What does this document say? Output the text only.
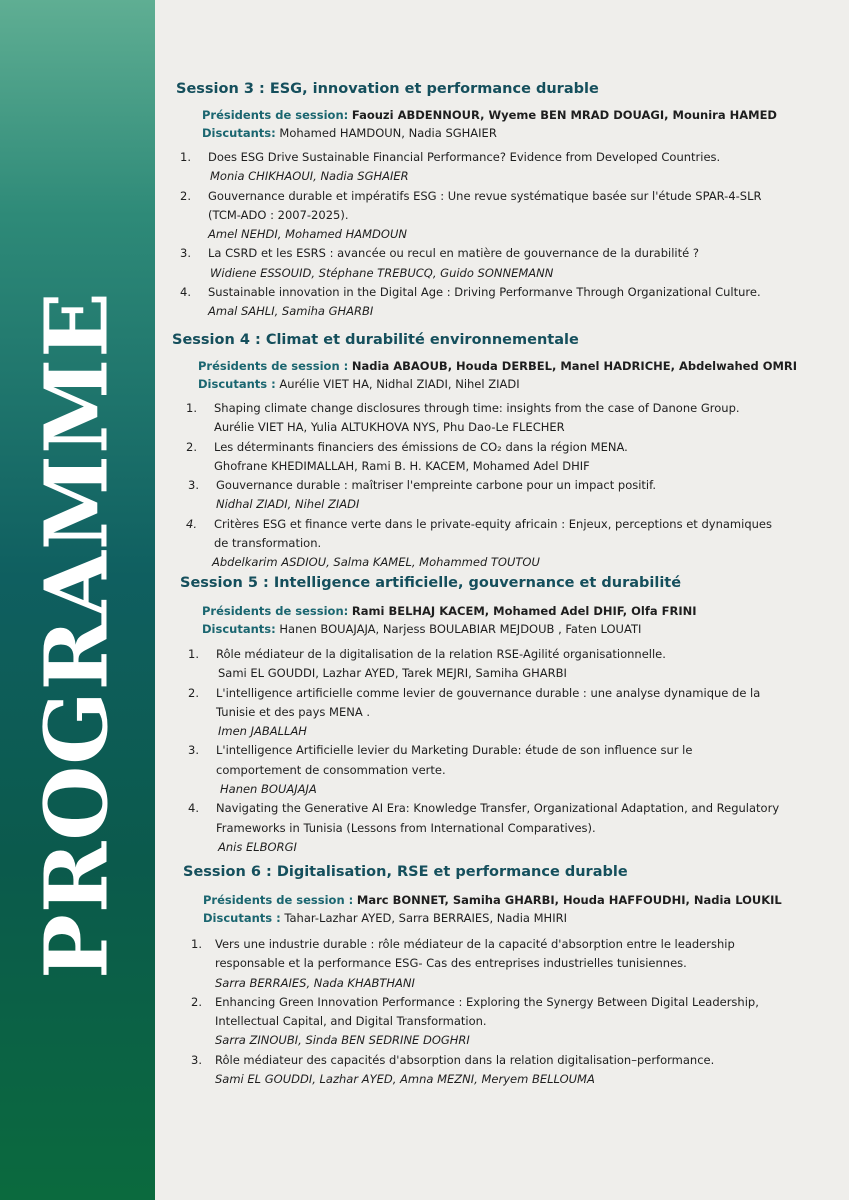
PROGRAMME
Session 3 : ESG, innovation et performance durable
Présidents de session: Faouzi ABDENNOUR, Wyeme BEN MRAD DOUAGI, Mounira HAMED
Discutants: Mohamed HAMDOUN, Nadia SGHAIER
1. Does ESG Drive Sustainable Financial Performance? Evidence from Developed Countries.
Monia CHIKHAOUI, Nadia SGHAIER
2. Gouvernance durable et impératifs ESG : Une revue systématique basée sur l'étude SPAR-4-SLR (TCM-ADO : 2007-2025).
Amel NEHDI, Mohamed HAMDOUN
3. La CSRD et les ESRS : avancée ou recul en matière de gouvernance de la durabilité ?
Widiene ESSOUID, Stéphane TREBUCQ, Guido SONNEMANN
4. Sustainable innovation in the Digital Age : Driving Performanve Through Organizational Culture.
Amal SAHLI, Samiha GHARBI
Session 4 : Climat et durabilité environnementale
Présidents de session : Nadia ABAOUB, Houda DERBEL, Manel HADRICHE, Abdelwahed OMRI
Discutants : Aurélie VIET HA, Nidhal ZIADI, Nihel ZIADI
1. Shaping climate change disclosures through time: insights from the case of Danone Group.
Aurélie VIET HA, Yulia ALTUKHOVA NYS, Phu Dao-Le FLECHER
2. Les déterminants financiers des émissions de CO₂ dans la région MENA.
Ghofrane KHEDIMALLAH, Rami B. H. KACEM, Mohamed Adel DHIF
3. Gouvernance durable : maîtriser l'empreinte carbone pour un impact positif.
Nidhal ZIADI, Nihel ZIADI
4. Critères ESG et finance verte dans le private-equity africain : Enjeux, perceptions et dynamiques de transformation.
Abdelkarim ASDIOU, Salma KAMEL, Mohammed TOUTOU
Session 5 : Intelligence artificielle, gouvernance et durabilité
Présidents de session: Rami BELHAJ KACEM, Mohamed Adel DHIF, Olfa FRINI
Discutants: Hanen BOUAJAJA, Narjess BOULABIAR MEJDOUB , Faten LOUATI
1. Rôle médiateur de la digitalisation de la relation RSE-Agilité organisationnelle.
Sami EL GOUDDI, Lazhar AYED, Tarek MEJRI, Samiha GHARBI
2. L'intelligence artificielle comme levier de gouvernance durable : une analyse dynamique de la Tunisie et des pays MENA .
Imen JABALLAH
3. L'intelligence Artificielle levier du Marketing Durable: étude de son influence sur le comportement de consommation verte.
Hanen BOUAJAJA
4. Navigating the Generative AI Era: Knowledge Transfer, Organizational Adaptation, and Regulatory Frameworks in Tunisia (Lessons from International Comparatives).
Anis ELBORGI
Session 6 : Digitalisation, RSE et performance durable
Présidents de session : Marc BONNET, Samiha GHARBI, Houda HAFFOUDHI, Nadia LOUKIL
Discutants : Tahar-Lazhar AYED, Sarra BERRAIES, Nadia MHIRI
1. Vers une industrie durable : rôle médiateur de la capacité d'absorption entre le leadership responsable et la performance ESG- Cas des entreprises industrielles tunisiennes.
Sarra BERRAIES, Nada KHABTHANI
2. Enhancing Green Innovation Performance : Exploring the Synergy Between Digital Leadership, Intellectual Capital, and Digital Transformation.
Sarra ZINOUBI, Sinda BEN SEDRINE DOGHRI
3. Rôle médiateur des capacités d'absorption dans la relation digitalisation–performance.
Sami EL GOUDDI, Lazhar AYED, Amna MEZNI, Meryem BELLOUMA
